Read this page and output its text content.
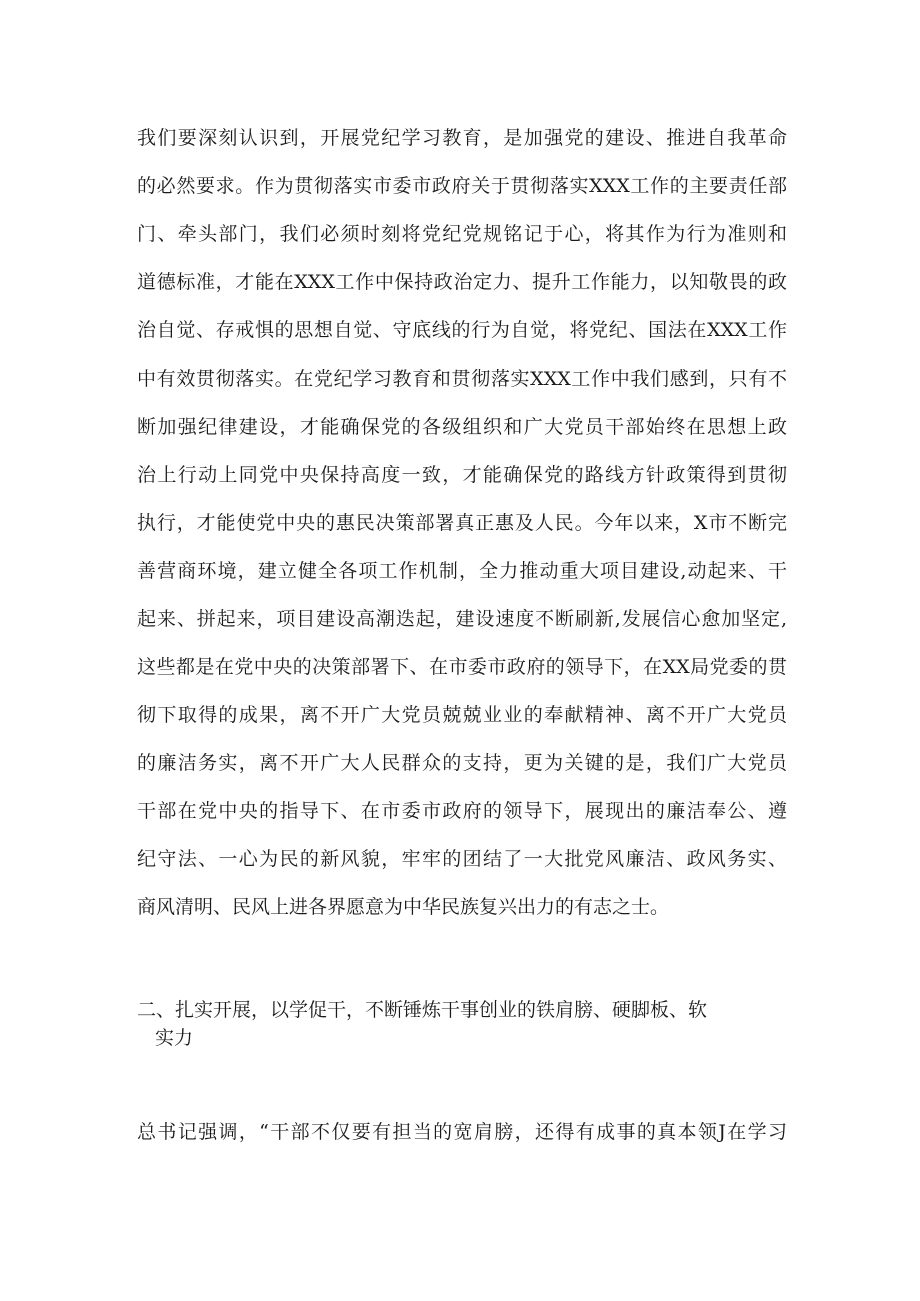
我们要深刻认识到，开展党纪学习教育，是加强党的建设、推进自我革命
的必然要求。作为贯彻落实市委市政府关于贯彻落实XXX工作的主要责任部
门、牵头部门，我们必须时刻将党纪党规铭记于心，将其作为行为准则和
道德标准，才能在XXX工作中保持政治定力、提升工作能力，以知敬畏的政
治自觉、存戒惧的思想自觉、守底线的行为自觉，将党纪、国法在XXX工作
中有效贯彻落实。在党纪学习教育和贯彻落实XXX工作中我们感到，只有不
断加强纪律建设，才能确保党的各级组织和广大党员干部始终在思想上政
治上行动上同党中央保持高度一致，才能确保党的路线方针政策得到贯彻
执行，才能使党中央的惠民决策部署真正惠及人民。今年以来，X市不断完
善营商环境，建立健全各项工作机制，全力推动重大项目建设,动起来、干
起来、拼起来，项目建设高潮迭起，建设速度不断刷新,发展信心愈加坚定,
这些都是在党中央的决策部署下、在市委市政府的领导下，在XX局党委的贯
彻下取得的成果，离不开广大党员兢兢业业的奉献精神、离不开广大党员
的廉洁务实，离不开广大人民群众的支持，更为关键的是，我们广大党员
干部在党中央的指导下、在市委市政府的领导下，展现出的廉洁奉公、遵
纪守法、一心为民的新风貌，牢牢的团结了一大批党风廉洁、政风务实、
商风清明、民风上进各界愿意为中华民族复兴出力的有志之士。
二、扎实开展，以学促干，不断锤炼干事创业的铁肩膀、硬脚板、软
实力
总书记强调，“干部不仅要有担当的宽肩膀，还得有成事的真本领J在学习
